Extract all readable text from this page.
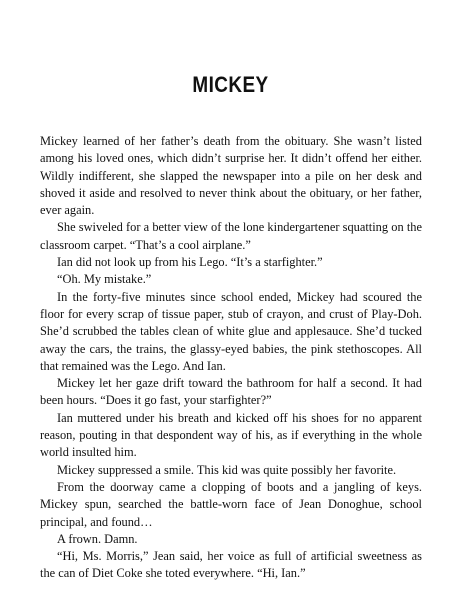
MICKEY

Mickey learned of her father’s death from the obituary. She wasn’t listed among his loved ones, which didn’t surprise her. It didn’t offend her either. Wildly indifferent, she slapped the newspaper into a pile on her desk and shoved it aside and resolved to never think about the obituary, or her father, ever again.

She swiveled for a better view of the lone kindergartener squatting on the classroom carpet. “That’s a cool airplane.”

Ian did not look up from his Lego. “It’s a starfighter.”

“Oh. My mistake.”

In the forty-five minutes since school ended, Mickey had scoured the floor for every scrap of tissue paper, stub of crayon, and crust of Play-Doh. She’d scrubbed the tables clean of white glue and applesauce. She’d tucked away the cars, the trains, the glassy-eyed babies, the pink stethoscopes. All that remained was the Lego. And Ian.

Mickey let her gaze drift toward the bathroom for half a second. It had been hours. “Does it go fast, your starfighter?”

Ian muttered under his breath and kicked off his shoes for no apparent reason, pouting in that despondent way of his, as if everything in the whole world insulted him.

Mickey suppressed a smile. This kid was quite possibly her favorite.

From the doorway came a clopping of boots and a jangling of keys. Mickey spun, searched the battle-worn face of Jean Donoghue, school principal, and found…

A frown. Damn.

“Hi, Ms. Morris,” Jean said, her voice as full of artificial sweetness as the can of Diet Coke she toted everywhere. “Hi, Ian.”
